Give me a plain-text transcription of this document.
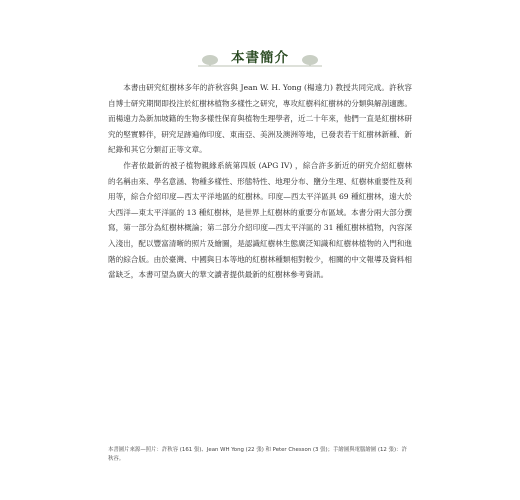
本書簡介

本書由研究紅樹林多年的許秋容與 Jean W. H. Yong (楊遠力) 教授共同完成。許秋容自博士研究期間即投注於紅樹林植物多樣性之研究，專攻紅樹科紅樹林的分類與解剖適應。而楊遠力為新加坡籍的生物多樣性保育與植物生理學者，近二十年來，他們一直是紅樹林研究的堅實夥伴，研究足跡遍佈印度、東南亞、美洲及澳洲等地，已發表若干紅樹林新種、新紀錄和其它分類訂正等文章。

作者依最新的被子植物親緣系統第四版 (APG IV) ，綜合許多新近的研究介紹紅樹林的名稱由來、學名意涵、物種多樣性、形態特性、地理分布、鹽分生理、紅樹林重要性及利用等，綜合介紹印度—西太平洋地區的紅樹林。印度—西太平洋區具 69 種紅樹林，遠大於大西洋—東太平洋區的 13 種紅樹林，是世界上紅樹林的重要分布區域。本書分兩大部分撰寫，第一部分為紅樹林概論；第二部分介紹印度—西太平洋區的 31 種紅樹林植物，內容深入淺出，配以豐富清晰的照片及繪圖，是認識紅樹林生態廣泛知識和紅樹林植物的入門和進階的綜合版。由於臺灣、中國與日本等地的紅樹林種類相對較少，相關的中文報導及資料相當缺乏，本書可望為廣大的華文讀者提供最新的紅樹林參考資訊。

本書圖片來源—照片：許秋容 (161 張)、Jean WH Yong (22 張) 和 Peter Chesson (3 張)；手繪圖與電腦繪圖 (12 張)：許秋容。
